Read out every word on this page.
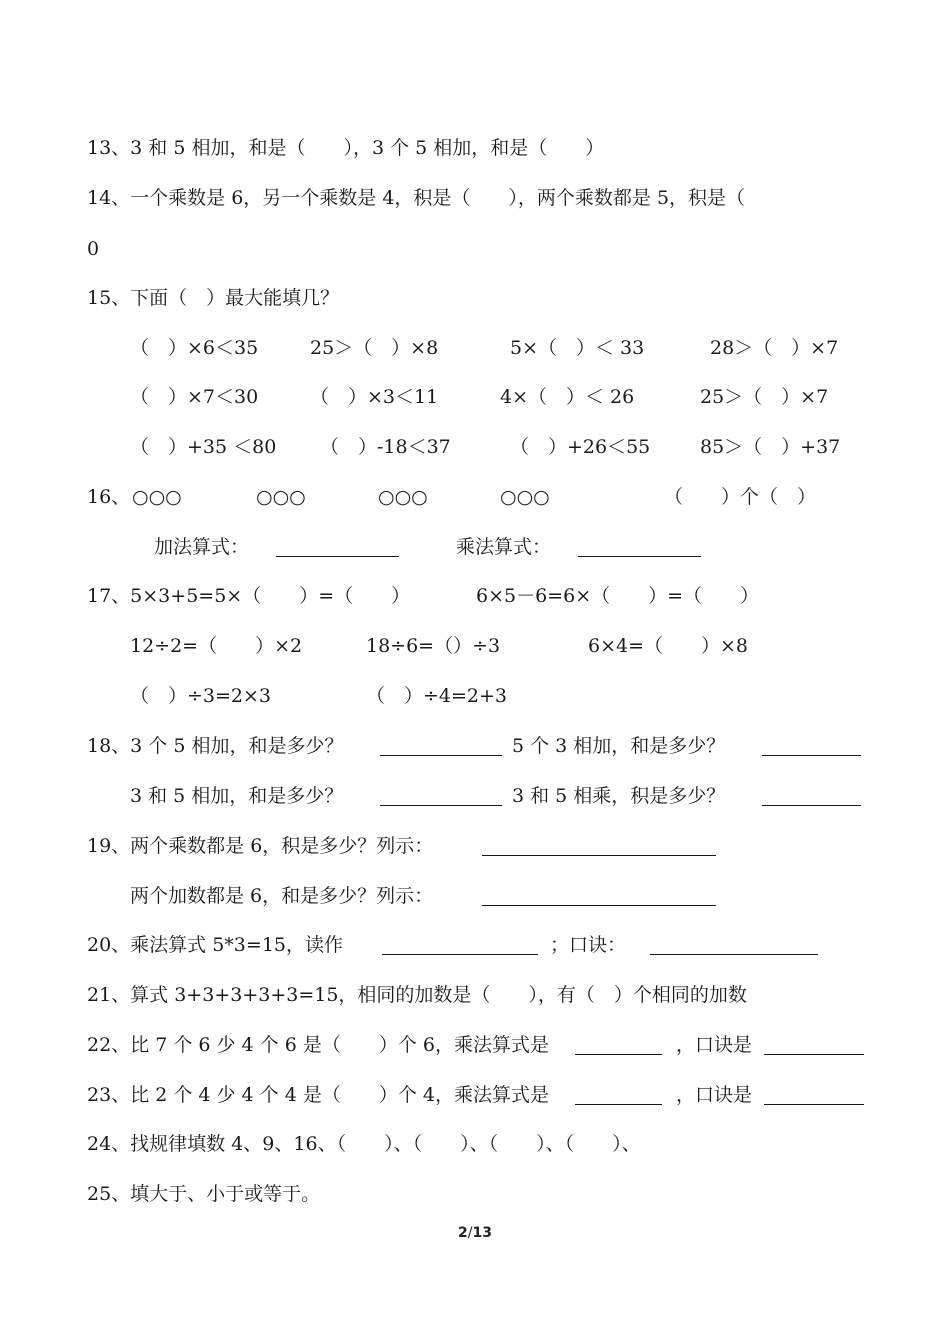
13、3 和 5 相加，和是（　　），3 个 5 相加，和是（　　）
14、一个乘数是 6，另一个乘数是 4，积是（　　），两个乘数都是 5，积是（
0
15、下面（　）最大能填几？
（　）×6＜35	25＞（　）×8	5×（　）＜ 33	28＞（　）×7
（　）×7＜30	（　）×3＜11	4×（　）＜ 26	25＞（　）×7
（　）+35 ＜80 （　）-18＜37	（　）+26＜55	85＞（　）+37
16、 ○○○	○○○	○○○	○○○	（　　）个（　）
加法算式：	乘法算式：
17、5×3+5=5×（　　）=（　　）	6×5－6=6×（　　）=（　　）
12÷2=（　　）×2	18÷6=（）÷3	6×4=（　　）×8
（　）÷3=2×3	（　）÷4=2+3
18、3 个 5 相加，和是多少？	5 个 3 相加，和是多少？
3 和 5 相加，和是多少？	3 和 5 相乘，积是多少？
19、两个乘数都是 6，积是多少？列示：
两个加数都是 6，和是多少？列示：
20、乘法算式 5*3=15，读作	；口诀：
21、算式 3+3+3+3+3=15，相同的加数是（　　），有（　）个相同的加数
22、比 7 个 6 少 4 个 6 是（　　）个 6，乘法算式是	，口诀是
23、比 2 个 4 少 4 个 4 是（　　）个 4，乘法算式是	，口诀是
24、找规律填数 4、9、16、（　　）、（　　）、（　　）、（　　）、
25、填大于、小于或等于。
2/13
